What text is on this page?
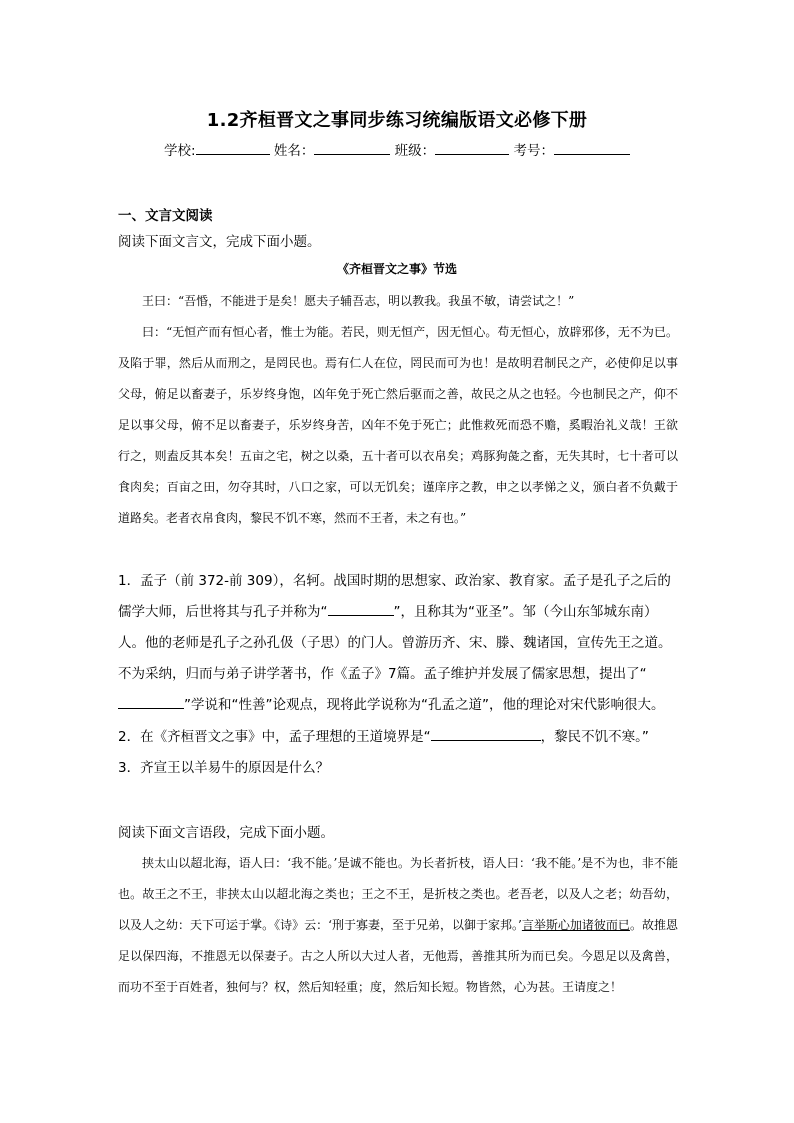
1.2齐桓晋文之事同步练习统编版语文必修下册
学校:	姓名：	班级：	考号：
一、文言文阅读
阅读下面文言文，完成下面小题。
《齐桓晋文之事》节选

王曰：“吾惛，不能进于是矣！愿夫子辅吾志，明以教我。我虽不敏，请尝试之！”

曰：“无恒产而有恒心者，惟士为能。若民，则无恒产，因无恒心。苟无恒心，放辟邪侈，无不为已。及陷于罪，然后从而刑之，是罔民也。焉有仁人在位，罔民而可为也！是故明君制民之产，必使仰足以事父母，俯足以畜妻子，乐岁终身饱，凶年免于死亡然后驱而之善，故民之从之也轻。今也制民之产，仰不足以事父母，俯不足以畜妻子，乐岁终身苦，凶年不免于死亡；此惟救死而恐不赡，奚暇治礼义哉！王欲行之，则盍反其本矣！五亩之宅，树之以桑，五十者可以衣帛矣；鸡豚狗彘之畜，无失其时，七十者可以食肉矣；百亩之田，勿夺其时，八口之家，可以无饥矣；谨庠序之教，申之以孝悌之义，颁白者不负戴于道路矣。老者衣帛食肉，黎民不饥不寒，然而不王者，未之有也。”

1．孟子（前 372-前 309），名轲。战国时期的思想家、政治家、教育家。孟子是孔子之后的儒学大师，后世将其与孔子并称为“	”，且称其为“亚圣”。邹（今山东邹城东南）人。他的老师是孔子之孙孔伋（子思）的门人。曾游历齐、宋、滕、魏诸国，宣传先王之道。不为采纳，归而与弟子讲学著书，作《孟子》7篇。孟子维护并发展了儒家思想，提出了“”学说和“性善”论观点，现将此学说称为“孔孟之道”，他的理论对宋代影响很大。
2．在《齐桓晋文之事》中，孟子理想的王道境界是“	，黎民不饥不寒。”
3．齐宣王以羊易牛的原因是什么？
阅读下面文言语段，完成下面小题。

挟太山以超北海，语人曰：‘我不能。’是诚不能也。为长者折枝，语人曰：‘我不能。’是不为也，非不能也。故王之不王，非挟太山以超北海之类也；王之不王，是折枝之类也。老吾老，以及人之老；幼吾幼，以及人之幼：天下可运于掌。《诗》云：‘刑于寡妻，至于兄弟，以御于家邦。’言举斯心加诸彼而已。故推恩足以保四海，不推恩无以保妻子。古之人所以大过人者，无他焉，善推其所为而已矣。今恩足以及禽兽，而功不至于百姓者，独何与？权，然后知轻重；度，然后知长短。物皆然，心为甚。王请度之！
